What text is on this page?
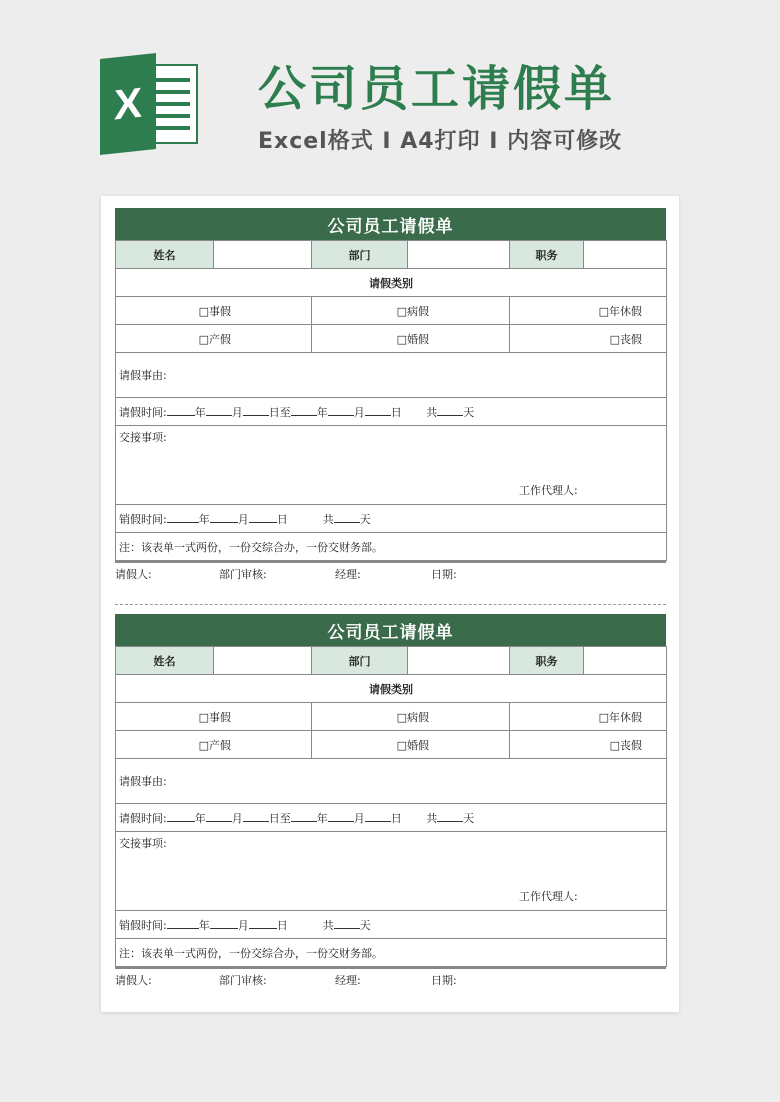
X 公司员工请假单
Excel格式 I A4打印 I 内容可修改
公司员工请假单
姓名		部门		职务	
请假类别					
□事假		□病假		□年休假	
□产假		□婚假		□丧假	
请假事由:					
请假时间: 年 月 日至 年 月 日 共 天					

交接事项:
工作代理人:					

销假时间: 年 月 日 共 天					
注：该表单一式两份，一份交综合办，一份交财务部。					
请假人:	部门审核:	经理:	日期:
公司员工请假单
姓名		部门		职务	
请假类别					
□事假		□病假		□年休假	
□产假		□婚假		□丧假	
请假事由:					
请假时间: 年 月 日至 年 月 日 共 天					

交接事项:
工作代理人:					

销假时间: 年 月 日 共 天					
注：该表单一式两份，一份交综合办，一份交财务部。					
请假人:	部门审核:	经理:	日期:
